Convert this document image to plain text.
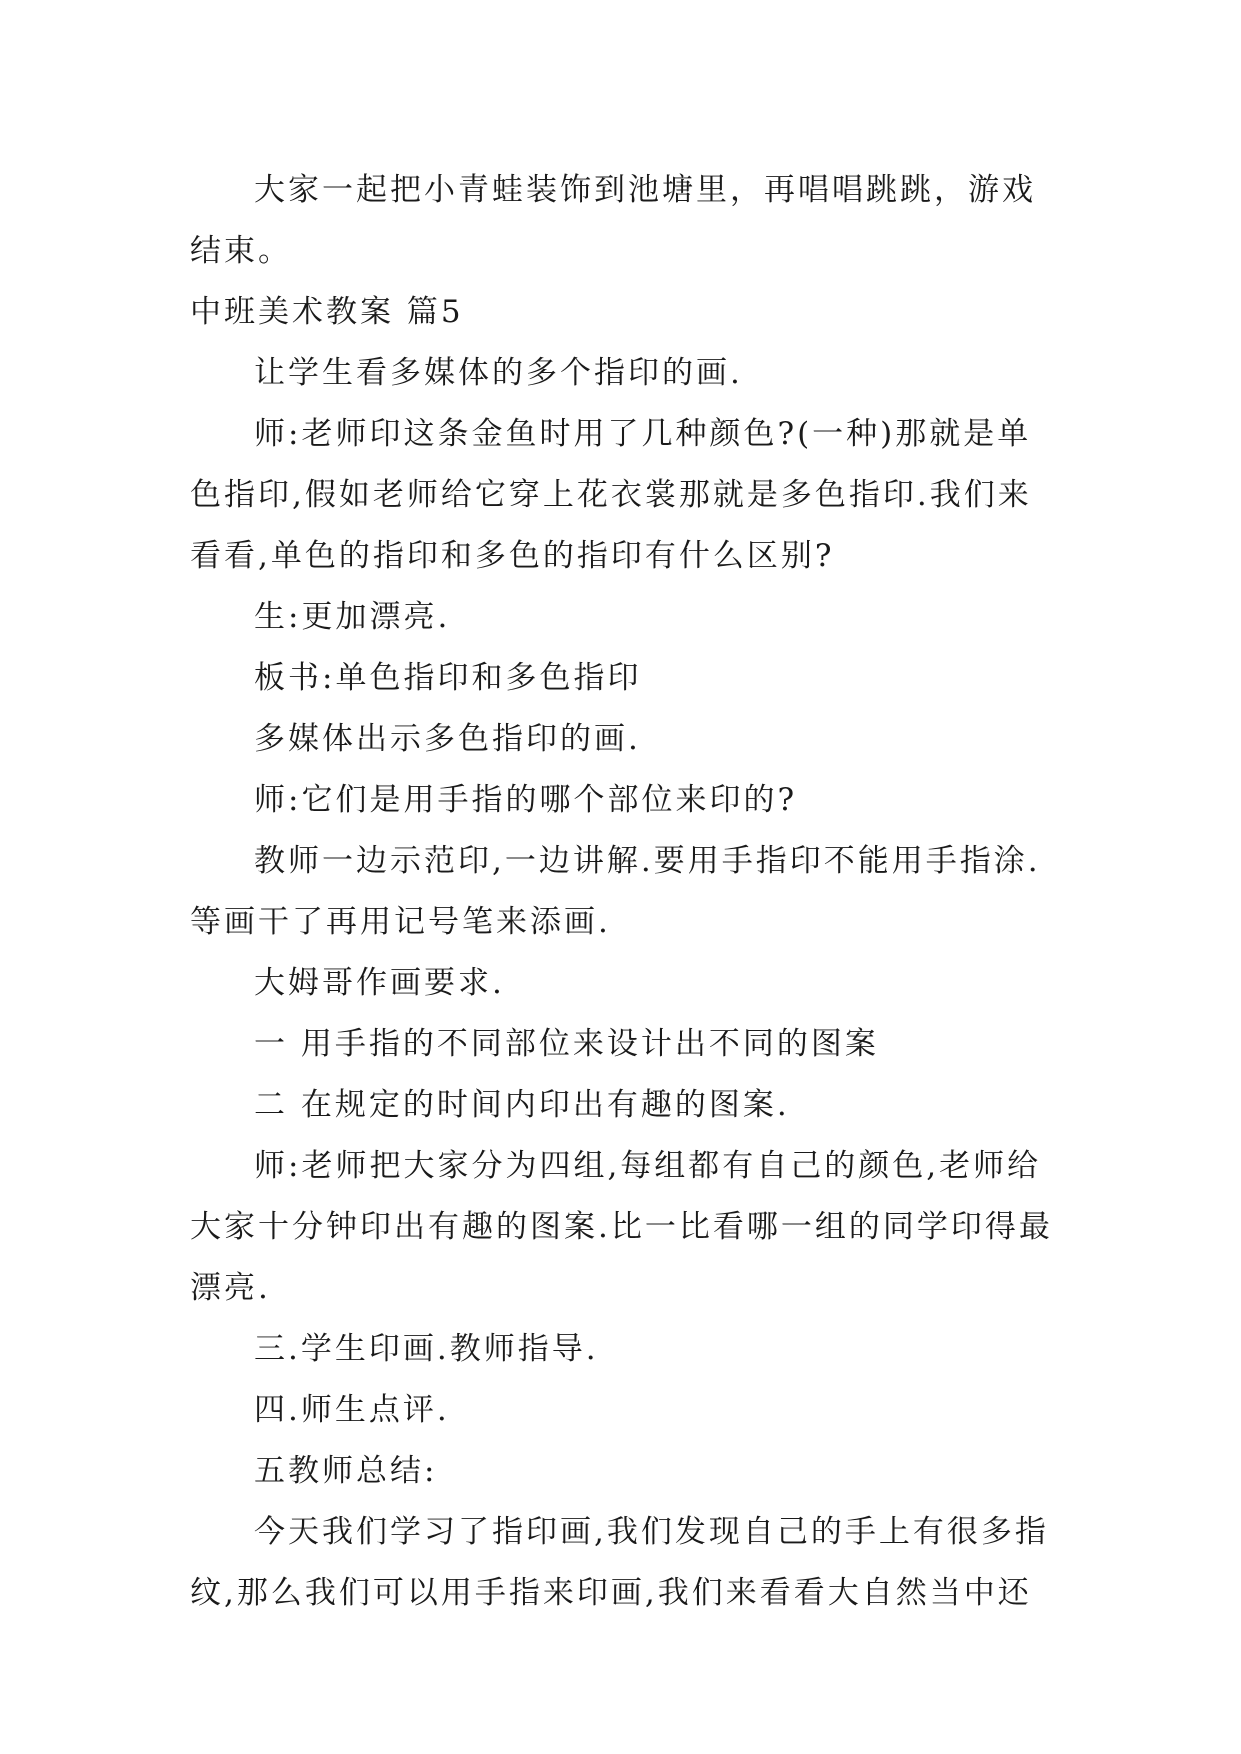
大家一起把小青蛙装饰到池塘里，再唱唱跳跳，游戏结束。

中班美术教案 篇5

让学生看多媒体的多个指印的画.

师:老师印这条金鱼时用了几种颜色?(一种)那就是单色指印,假如老师给它穿上花衣裳那就是多色指印.我们来看看,单色的指印和多色的指印有什么区别?

生:更加漂亮.

板书:单色指印和多色指印

多媒体出示多色指印的画.

师:它们是用手指的哪个部位来印的?

教师一边示范印,一边讲解.要用手指印不能用手指涂.等画干了再用记号笔来添画.

大姆哥作画要求.

一 用手指的不同部位来设计出不同的图案

二 在规定的时间内印出有趣的图案.

师:老师把大家分为四组,每组都有自己的颜色,老师给大家十分钟印出有趣的图案.比一比看哪一组的同学印得最漂亮.

三.学生印画.教师指导.

四.师生点评.

五教师总结:

今天我们学习了指印画,我们发现自己的手上有很多指纹,那么我们可以用手指来印画,我们来看看大自然当中还
